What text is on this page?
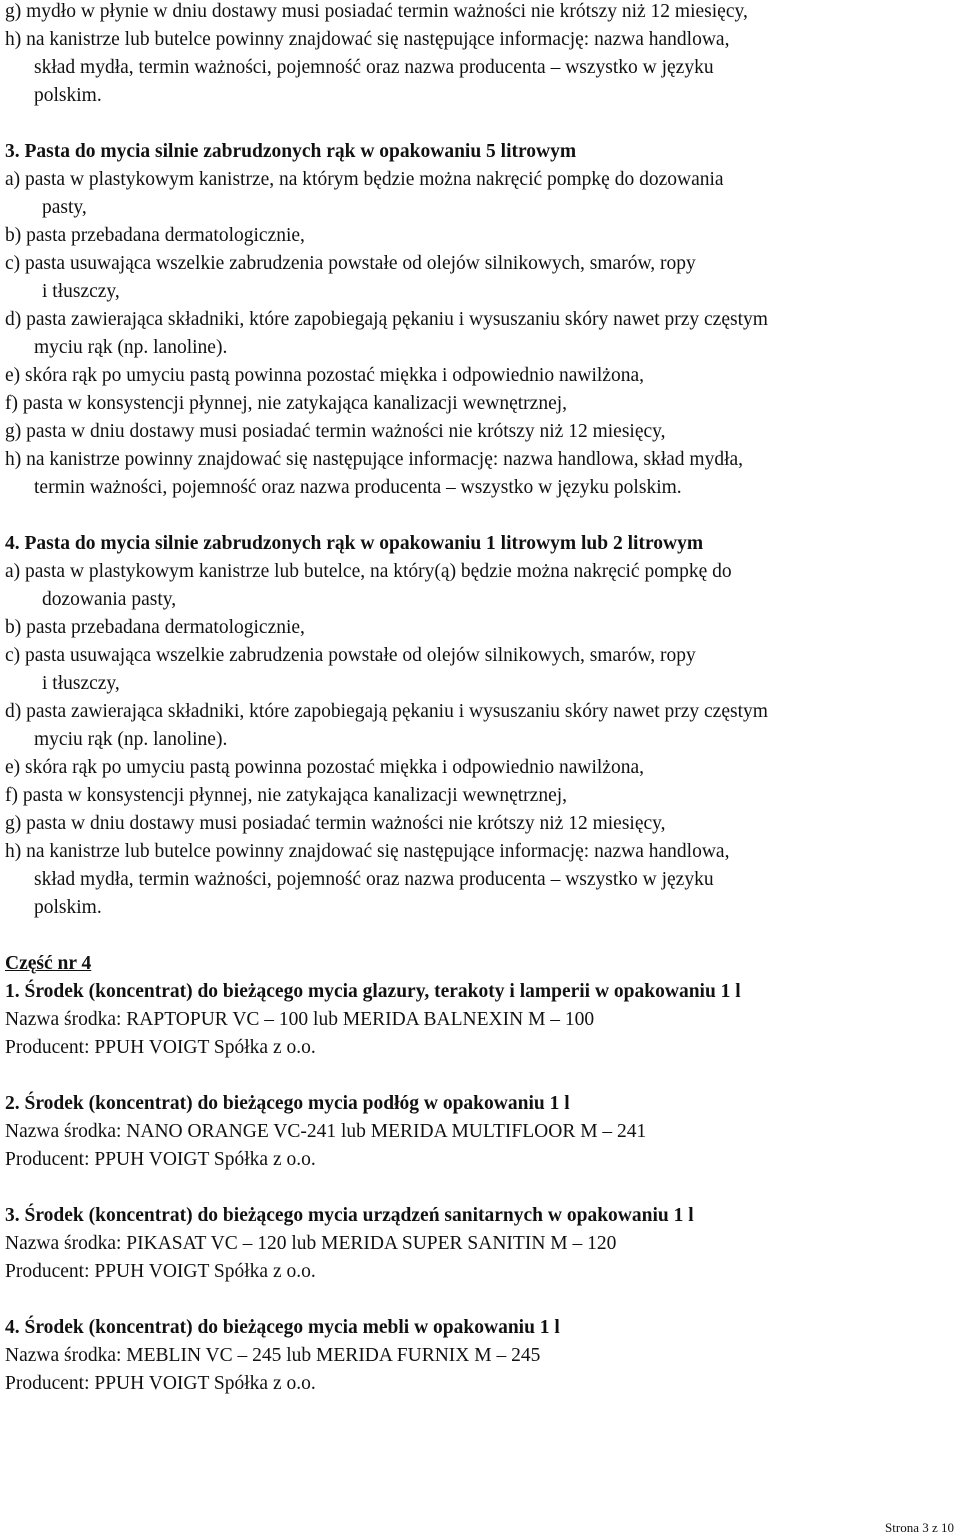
g) mydło w płynie w dniu dostawy musi posiadać termin ważności nie krótszy niż 12 miesięcy,
h) na kanistrze lub butelce powinny znajdować się następujące informację: nazwa handlowa,
skład mydła, termin ważności, pojemność oraz nazwa producenta – wszystko w języku
polskim.
3. Pasta do mycia silnie zabrudzonych rąk w opakowaniu 5 litrowym
a) pasta w plastykowym kanistrze, na którym będzie można nakręcić pompkę do dozowania
pasty,
b) pasta przebadana dermatologicznie,
c) pasta usuwająca wszelkie zabrudzenia powstałe od olejów silnikowych, smarów, ropy
i tłuszczy,
d) pasta zawierająca składniki, które zapobiegają pękaniu i wysuszaniu skóry nawet przy częstym
myciu rąk (np. lanoline).
e) skóra rąk po umyciu pastą powinna pozostać miękka i odpowiednio nawilżona,
f) pasta w konsystencji płynnej, nie zatykająca kanalizacji wewnętrznej,
g) pasta w dniu dostawy musi posiadać termin ważności nie krótszy niż 12 miesięcy,
h) na kanistrze powinny znajdować się następujące informację: nazwa handlowa, skład mydła,
termin ważności, pojemność oraz nazwa producenta – wszystko w języku polskim.
4. Pasta do mycia silnie zabrudzonych rąk w opakowaniu 1 litrowym lub 2 litrowym
a) pasta w plastykowym kanistrze lub butelce, na który(ą) będzie można nakręcić pompkę do
dozowania pasty,
b) pasta przebadana dermatologicznie,
c) pasta usuwająca wszelkie zabrudzenia powstałe od olejów silnikowych, smarów, ropy
i tłuszczy,
d) pasta zawierająca składniki, które zapobiegają pękaniu i wysuszaniu skóry nawet przy częstym
myciu rąk (np. lanoline).
e) skóra rąk po umyciu pastą powinna pozostać miękka i odpowiednio nawilżona,
f) pasta w konsystencji płynnej, nie zatykająca kanalizacji wewnętrznej,
g) pasta w dniu dostawy musi posiadać termin ważności nie krótszy niż 12 miesięcy,
h) na kanistrze lub butelce powinny znajdować się następujące informację: nazwa handlowa,
skład mydła, termin ważności, pojemność oraz nazwa producenta – wszystko w języku
polskim.
Część nr 4
1. Środek (koncentrat) do bieżącego mycia glazury, terakoty i lamperii w opakowaniu 1 l
Nazwa środka: RAPTOPUR VC – 100 lub MERIDA BALNEXIN M – 100
Producent: PPUH VOIGT Spółka z o.o.
2. Środek (koncentrat) do bieżącego mycia podłóg w opakowaniu 1 l
Nazwa środka: NANO ORANGE VC-241 lub MERIDA MULTIFLOOR M – 241
Producent: PPUH VOIGT Spółka z o.o.
3. Środek (koncentrat) do bieżącego mycia urządzeń sanitarnych w opakowaniu 1 l
Nazwa środka: PIKASAT VC – 120 lub MERIDA SUPER SANITIN M – 120
Producent: PPUH VOIGT Spółka z o.o.
4. Środek (koncentrat) do bieżącego mycia mebli w opakowaniu 1 l
Nazwa środka: MEBLIN VC – 245 lub MERIDA FURNIX M – 245
Producent: PPUH VOIGT Spółka z o.o.
Strona 3 z 10
